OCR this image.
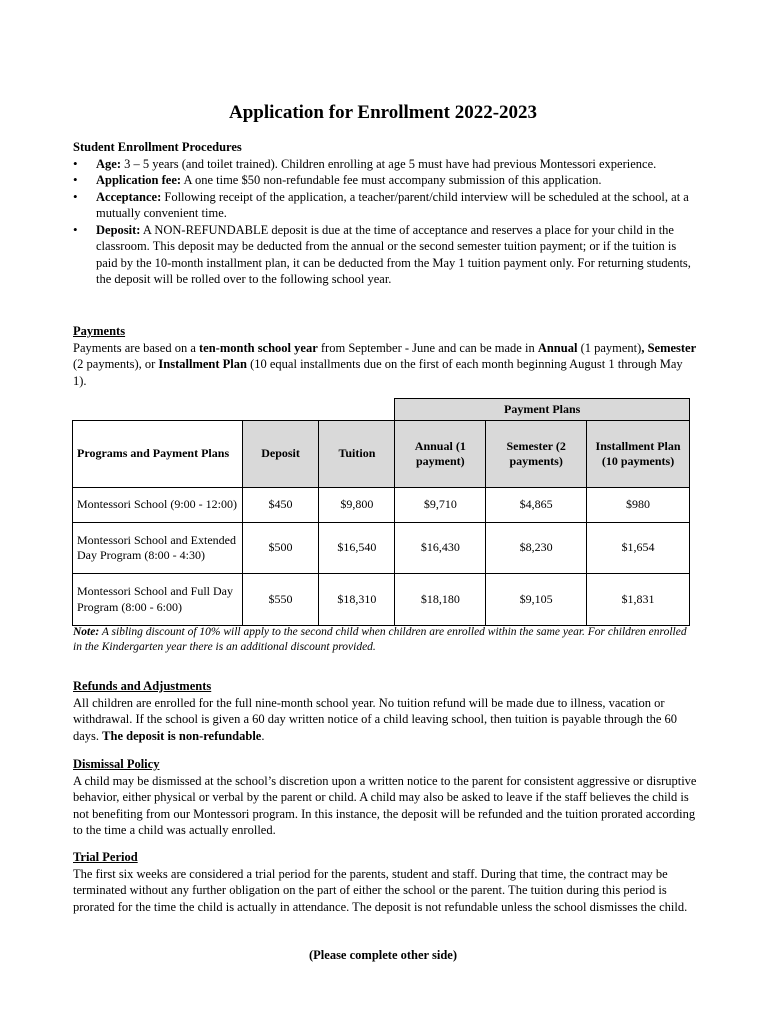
Application for Enrollment 2022-2023
Student Enrollment Procedures
• Age: 3 – 5 years (and toilet trained). Children enrolling at age 5 must have had previous Montessori experience.
• Application fee: A one time $50 non-refundable fee must accompany submission of this application.
• Acceptance: Following receipt of the application, a teacher/parent/child interview will be scheduled at the school, at a mutually convenient time.
• Deposit: A NON-REFUNDABLE deposit is due at the time of acceptance and reserves a place for your child in the classroom. This deposit may be deducted from the annual or the second semester tuition payment; or if the tuition is paid by the 10-month installment plan, it can be deducted from the May 1 tuition payment only. For returning students, the deposit will be rolled over to the following school year.
Payments

Payments are based on a ten-month school year from September - June and can be made in Annual (1 payment), Semester (2 payments), or Installment Plan (10 equal installments due on the first of each month beginning August 1 through May 1).

			Payment Plans		
Programs and Payment Plans	Deposit	Tuition	Annual (1 payment)	Semester (2 payments)	Installment Plan (10 payments)
Montessori School (9:00 - 12:00)	$450	$9,800	$9,710	$4,865	$980
Montessori School and Extended Day Program (8:00 - 4:30)	$500	$16,540	$16,430	$8,230	$1,654
Montessori School and Full Day Program (8:00 - 6:00)	$550	$18,310	$18,180	$9,105	$1,831
Note: A sibling discount of 10% will apply to the second child when children are enrolled within the same year. For children enrolled in the Kindergarten year there is an additional discount provided.
Refunds and Adjustments

All children are enrolled for the full nine-month school year. No tuition refund will be made due to illness, vacation or withdrawal. If the school is given a 60 day written notice of a child leaving school, then tuition is payable through the 60 days. The deposit is non-refundable.

Dismissal Policy

A child may be dismissed at the school’s discretion upon a written notice to the parent for consistent aggressive or disruptive behavior, either physical or verbal by the parent or child. A child may also be asked to leave if the staff believes the child is not benefiting from our Montessori program. In this instance, the deposit will be refunded and the tuition prorated according to the time a child was actually enrolled.

Trial Period

The first six weeks are considered a trial period for the parents, student and staff. During that time, the contract may be terminated without any further obligation on the part of either the school or the parent. The tuition during this period is prorated for the time the child is actually in attendance. The deposit is not refundable unless the school dismisses the child.

(Please complete other side)
